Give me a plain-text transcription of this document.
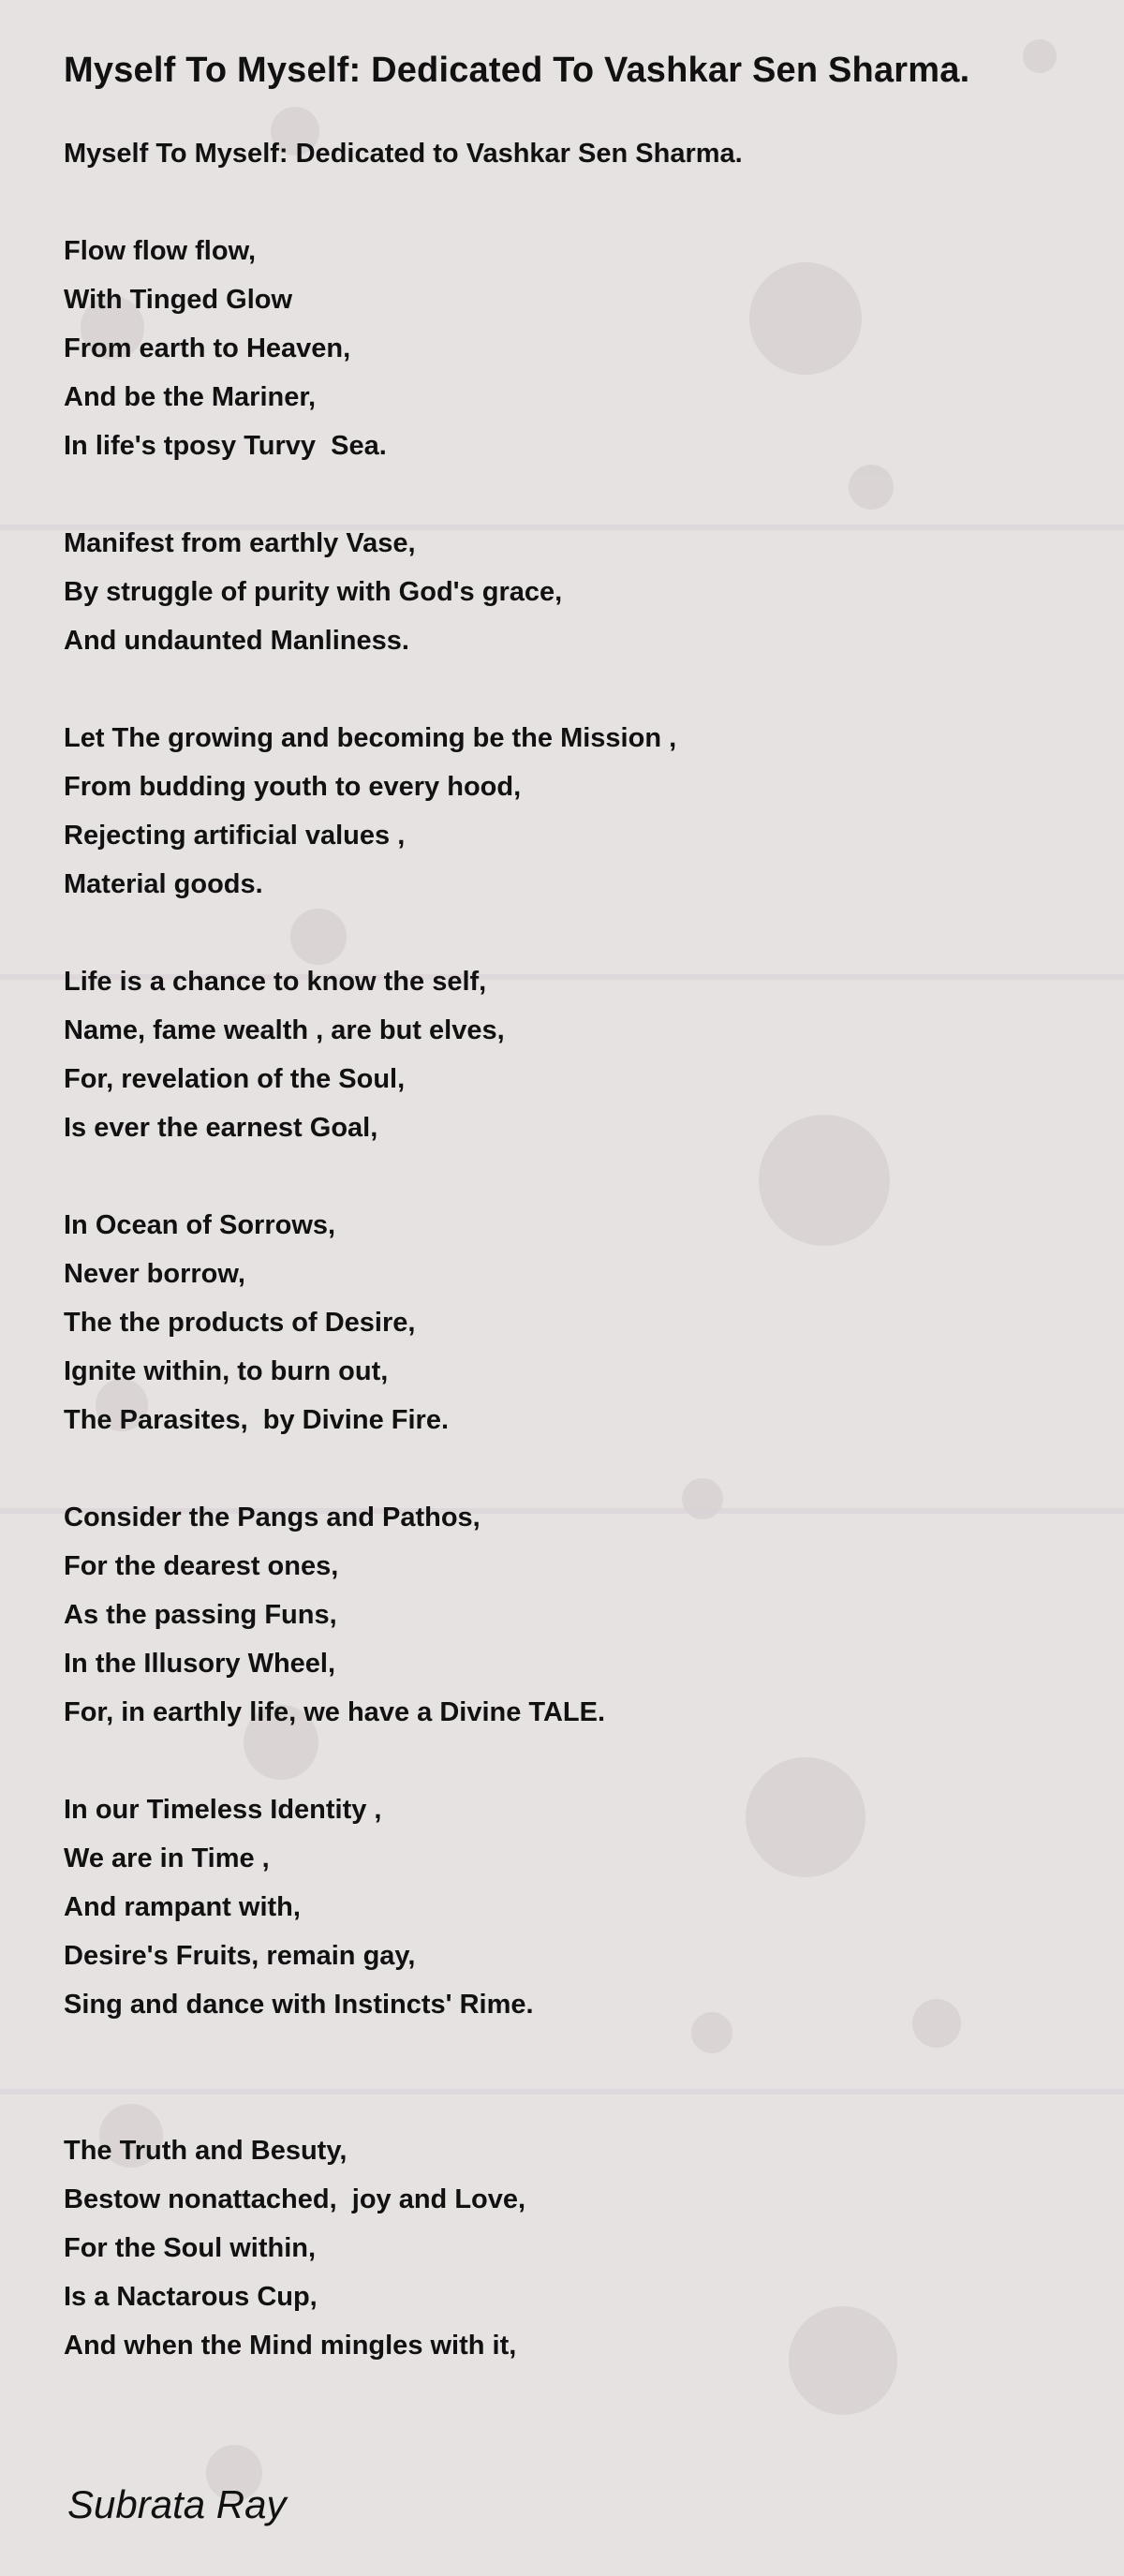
Myself To Myself: Dedicated To Vashkar Sen Sharma.
Myself To Myself: Dedicated to Vashkar Sen Sharma.
Flow flow flow,
With Tinged Glow
From earth to Heaven,
And be the Mariner,
In life's tposy Turvy  Sea.
Manifest from earthly Vase,
By struggle of purity with God's grace,
And undaunted Manliness.
Let The growing and becoming be the Mission ,
From budding youth to every hood,
Rejecting artificial values ,
Material goods.
Life is a chance to know the self,
Name, fame wealth , are but elves,
For, revelation of the Soul,
Is ever the earnest Goal,
In Ocean of Sorrows,
Never borrow,
The the products of Desire,
Ignite within, to burn out,
The Parasites,  by Divine Fire.
Consider the Pangs and Pathos,
For the dearest ones,
As the passing Funs,
In the Illusory Wheel,
For, in earthly life, we have a Divine TALE.
In our Timeless Identity ,
We are in Time ,
And rampant with,
Desire's Fruits, remain gay,
Sing and dance with Instincts' Rime.
The Truth and Besuty,
Bestow nonattached,  joy and Love,
For the Soul within,
Is a Nactarous Cup,
And when the Mind mingles with it,
Subrata Ray
